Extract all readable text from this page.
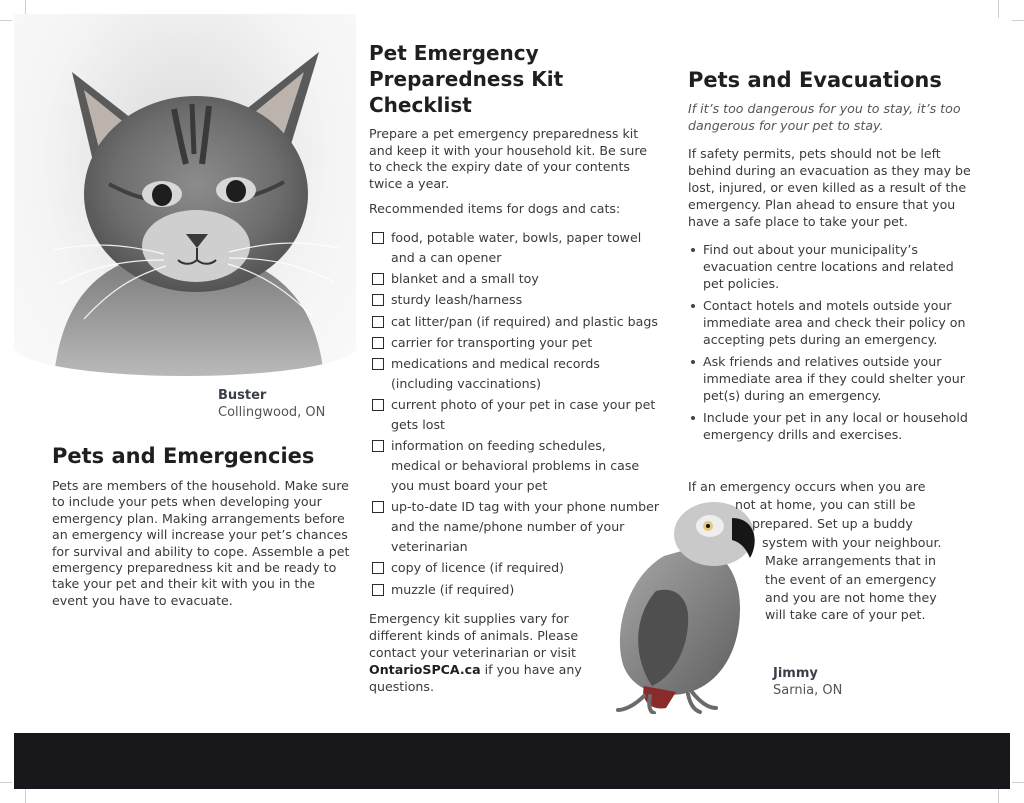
Buster
Collingwood, ON
Pets and Emergencies

Pets are members of the household. Make sure to include your pets when developing your emergency plan. Making arrangements before an emergency will increase your pet’s chances for survival and ability to cope. Assemble a pet emergency preparedness kit and be ready to take your pet and their kit with you in the event you have to evacuate.

Pet Emergency
Preparedness Kit
Checklist

Prepare a pet emergency preparedness kit and keep it with your household kit. Be sure to check the expiry date of your contents twice a year.

Recommended items for dogs and cats:

food, potable water, bowls, paper towel and a can opener
blanket and a small toy
sturdy leash/harness
cat litter/pan (if required) and plastic bags
carrier for transporting your pet
medications and medical records (including vaccinations)
current photo of your pet in case your pet gets lost
information on feeding schedules, medical or behavioral problems in case you must board your pet
up-to-date ID tag with your phone number and the name/phone number of your veterinarian
copy of licence (if required)
muzzle (if required)

Emergency kit supplies vary for different kinds of animals. Please contact your veterinarian or visit OntarioSPCA.ca if you have any questions.

Pets and Evacuations

If it’s too dangerous for you to stay, it’s too dangerous for your pet to stay.

If safety permits, pets should not be left behind during an evacuation as they may be lost, injured, or even killed as a result of the emergency. Plan ahead to ensure that you have a safe place to take your pet.

Find out about your municipality’s evacuation centre locations and related pet policies.
Contact hotels and motels outside your immediate area and check their policy on accepting pets during an emergency.
Ask friends and relatives outside your immediate area if they could shelter your pet(s) during an emergency.
Include your pet in any local or household emergency drills and exercises.
If an emergency occurs when you are
not at home, you can still be
prepared. Set up a buddy
system with your neighbour.
Make arrangements that in
the event of an emergency
and you are not home they
will take care of your pet.
Jimmy
Sarnia, ON
